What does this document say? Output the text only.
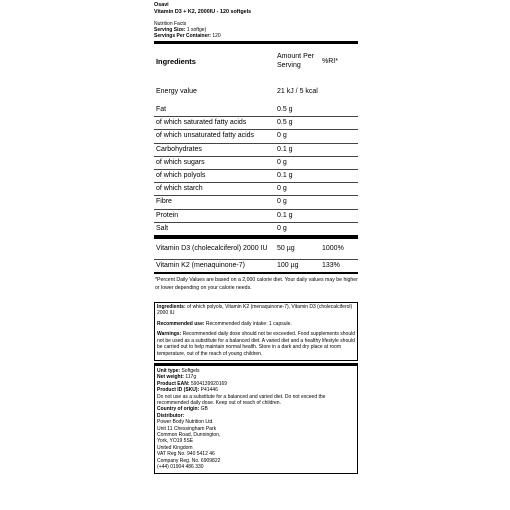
Osavi
Vitamin D3 + K2, 2000IU - 120 softgels
Nutrition Facts
Serving Size: 1 softge)
Servings Per Container: 120
Ingredients	Amount Per Serving	%RI*
Energy value	21 kJ / 5 kcal	
Fat	0.5 g	
of which saturated fatty acids	0.5 g	
of which unsaturated fatty acids	0 g	
Carbohydrates	0.1 g	
of which sugars	0 g	
of which polyols	0.1 g	
of which starch	0 g	
Fibre	0 g	
Protein	0.1 g	
Salt	0 g	

Vitamin D3 (cholecalciferol) 2000 IU	50 µg	1000%
Vitamin K2 (menaquinone-7)	100 µg	133%
*Percent Daily Values are based on a 2,000 calorie diet. Your daily values may be higher or lower depending on your calorie needs.

Ingredients: of which polyols, Vitamin K2 (menaquinone-7), Vitamin D3 (cholecalciferol) 2000 IU

Recommended use: Recommended daily intake: 1 capsule.

Warnings: Recommended daily dose should not be exceeded. Food supplements should not be used as a substitute for a balanced diet. A varied diet and a healthy lifestyle should be carried out to help maintain normal health. Store in a dark and dry place at room temperature, out of the reach of young children.

Unit type: Softgels
Net weight: 117g
Product EAN: 5904139920169
Product ID (SKU): P41446
Do not use as a substitute for a balanced and varied diet. Do not exceed the recommended daily dose. Keep out of reach of children.
Country of origin: GB
Distributor:
Power Body Nutrition Ltd.
Unit 11 Chessingham Park
Common Road, Dunnington,
York, YO19 5SE
United Kingdom
VAT Reg No. 940 5412 46
Company Reg. No. 6909822
(+44) 01904 486 330
